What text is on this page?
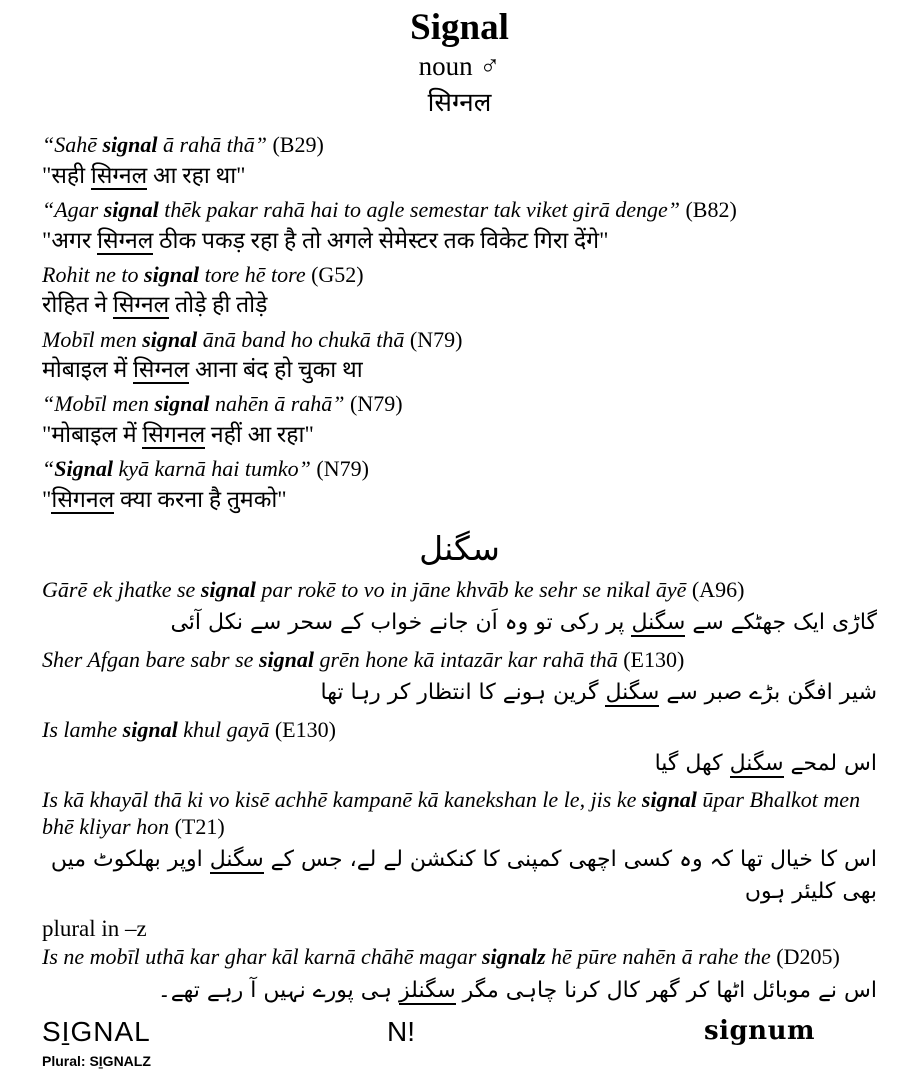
Signal
noun ♂
सिग्नल

“Sahē signal ā rahā thā” (B29)

"सही सिग्नल आ रहा था"

“Agar signal thēk pakar rahā hai to agle semestar tak viket girā denge” (B82)

"अगर सिग्नल ठीक पकड़ रहा है तो अगले सेमेस्टर तक विकेट गिरा देंगे"

Rohit ne to signal tore hē tore (G52)

रोहित ने सिग्नल तोड़े ही तोड़े

Mobīl men signal ānā band ho chukā thā (N79)

मोबाइल में सिग्नल आना बंद हो चुका था

“Mobīl men signal nahēn ā rahā” (N79)

"मोबाइल में सिगनल नहीं आ रहा"

“Signal kyā karnā hai tumko” (N79)

"सिगनल क्या करना है तुमको"

سگنل

Gārē ek jhatke se signal par rokē to vo in jāne khvāb ke sehr se nikal āyē (A96)

گاڑی ایک جھٹکے سے سگنل پر رکی تو وہ اَن جانے خواب کے سحر سے نکل آئی

Sher Afgan bare sabr se signal grēn hone kā intazār kar rahā thā (E130)

شیر افگن بڑے صبر سے سگنل گرین ہونے کا انتظار کر رہا تھا

Is lamhe signal khul gayā (E130)

اس لمحے سگنل کھل گیا

Is kā khayāl thā ki vo kisē achhē kampanē kā kanekshan le le, jis ke signal ūpar Bhalkot men bhē kliyar hon (T21)

اس کا خیال تھا کہ وہ کسی اچھی کمپنی کا کنکشن لے لے، جس کے سگنل اوپر بھلکوٹ میں بھی کلیئر ہوں

plural in –z

Is ne mobīl uthā kar ghar kāl karnā chāhē magar signalz hē pūre nahēn ā rahe the (D205)

اس نے موبائل اٹھا کر گھر کال کرنا چاہی مگر سگنلز ہی پورے نہیں آ رہے تھے۔

SI̱GNAL
Plural: SI̱GNALZ
N!	signum
